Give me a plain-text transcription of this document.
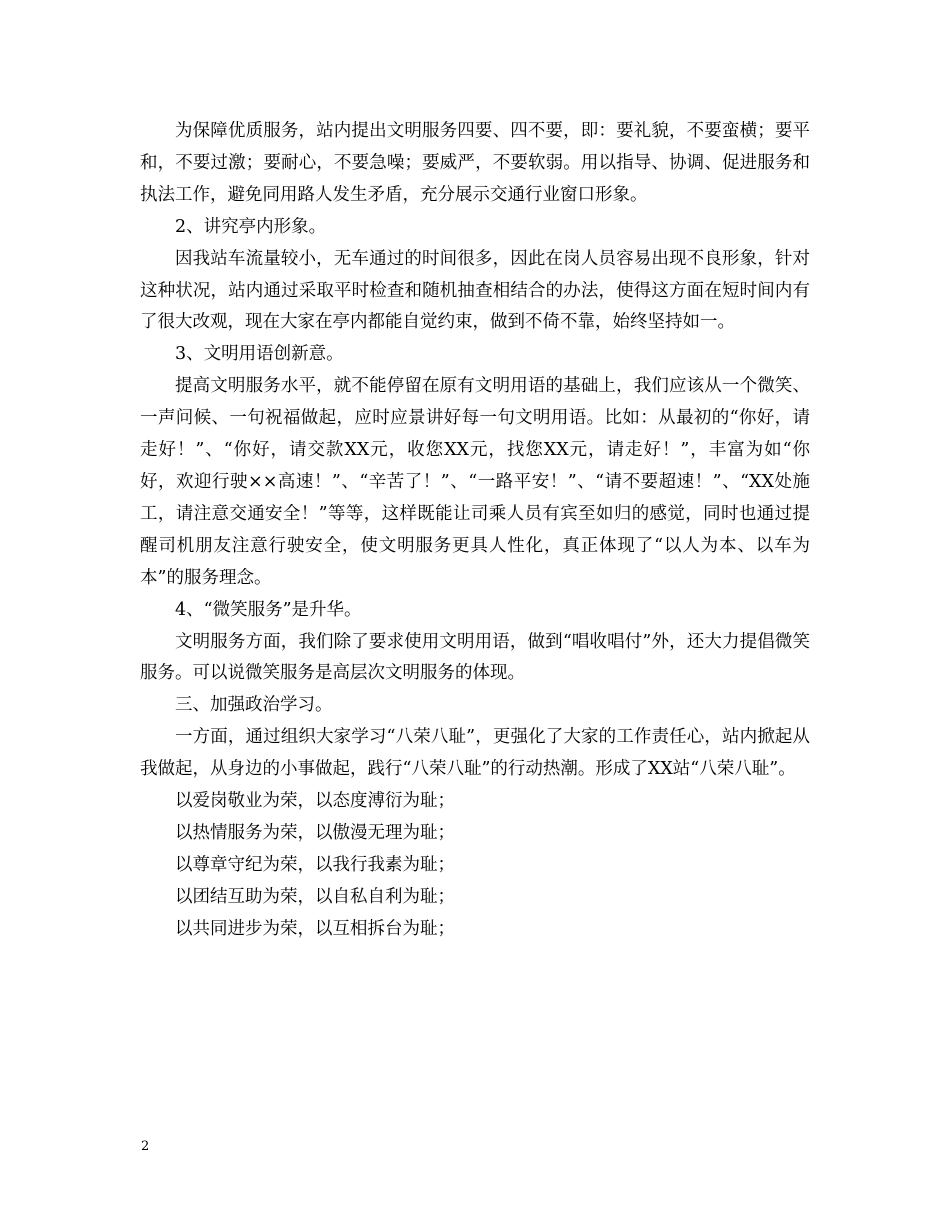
为保障优质服务，站内提出文明服务四要、四不要，即：要礼貌，不要蛮横；要平和，不要过激；要耐心，不要急噪；要威严，不要软弱。用以指导、协调、促进服务和执法工作，避免同用路人发生矛盾，充分展示交通行业窗口形象。

2、讲究亭内形象。

因我站车流量较小，无车通过的时间很多，因此在岗人员容易出现不良形象，针对这种状况，站内通过采取平时检查和随机抽查相结合的办法，使得这方面在短时间内有了很大改观，现在大家在亭内都能自觉约束，做到不倚不靠，始终坚持如一。

3、文明用语创新意。

提高文明服务水平，就不能停留在原有文明用语的基础上，我们应该从一个微笑、一声问候、一句祝福做起，应时应景讲好每一句文明用语。比如：从最初的“你好，请走好！”、“你好，请交款XX元，收您XX元，找您XX元，请走好！”，丰富为如“你好，欢迎行驶××高速！”、“辛苦了！”、“一路平安！”、“请不要超速！”、“XX处施工，请注意交通安全！”等等，这样既能让司乘人员有宾至如归的感觉，同时也通过提醒司机朋友注意行驶安全，使文明服务更具人性化，真正体现了“以人为本、以车为本”的服务理念。

4、“微笑服务”是升华。

文明服务方面，我们除了要求使用文明用语，做到“唱收唱付”外，还大力提倡微笑服务。可以说微笑服务是高层次文明服务的体现。

三、加强政治学习。

一方面，通过组织大家学习“八荣八耻”，更强化了大家的工作责任心，站内掀起从我做起，从身边的小事做起，践行“八荣八耻”的行动热潮。形成了XX站“八荣八耻”。

以爱岗敬业为荣，以态度溥衍为耻；

以热情服务为荣，以傲漫无理为耻；

以尊章守纪为荣，以我行我素为耻；

以团结互助为荣，以自私自利为耻；

以共同进步为荣，以互相拆台为耻；

2
